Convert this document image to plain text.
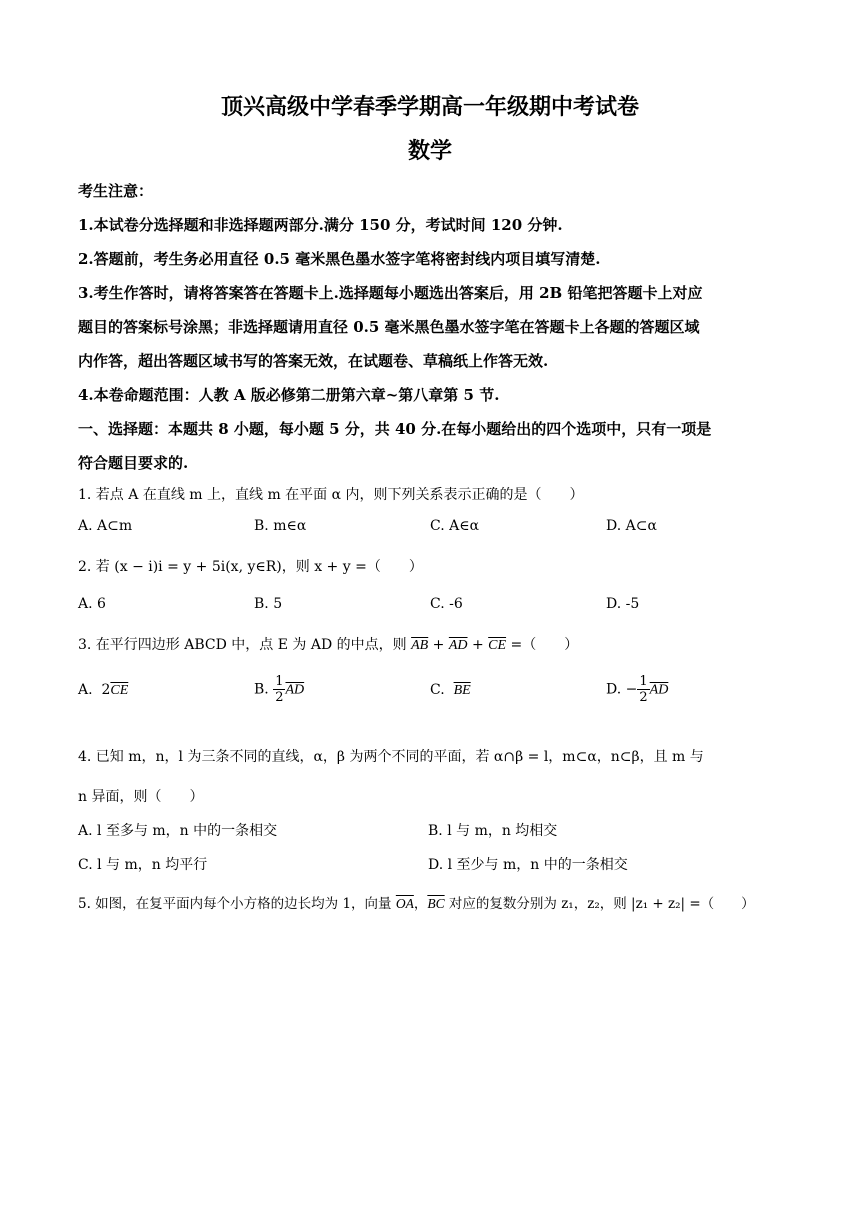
顶兴高级中学春季学期高一年级期中考试卷
数学
考生注意：
1.本试卷分选择题和非选择题两部分.满分 150 分，考试时间 120 分钟.
2.答题前，考生务必用直径 0.5 毫米黑色墨水签字笔将密封线内项目填写清楚.
3.考生作答时，请将答案答在答题卡上.选择题每小题选出答案后，用 2B 铅笔把答题卡上对应
题目的答案标号涂黑；非选择题请用直径 0.5 毫米黑色墨水签字笔在答题卡上各题的答题区域
内作答，超出答题区域书写的答案无效，在试题卷、草稿纸上作答无效.
4.本卷命题范围：人教 A 版必修第二册第六章~第八章第 5 节.
一、选择题：本题共 8 小题，每小题 5 分，共 40 分.在每小题给出的四个选项中，只有一项是
符合题目要求的.
1. 若点 A 在直线 m 上，直线 m 在平面 α 内，则下列关系表示正确的是（　　）
A. A⊂m	B. m∈α	C. A∈α	D. A⊂α
2. 若 (x − i)i = y + 5i(x, y∈R)，则 x + y =（　　）
A. 6	B. 5	C. -6	D. -5
3. 在平行四边形 ABCD 中，点 E 为 AD 的中点，则 $\overline{AB} + \overline{AD} + \overline{CE}$ =（　　）
A. $2\overline{CE}$	B. $\frac{1}{2} \overline{AD}$	C. $\overline{BE}$	D. − $\frac{1}{2} \overline{AD}$
4. 已知 m，n，l 为三条不同的直线，α，β 为两个不同的平面，若 α∩β = l，m⊂α，n⊂β，且 m 与
n 异面，则（　　）
A. l 至多与 m，n 中的一条相交	B. l 与 m，n 均相交
C. l 与 m，n 均平行	D. l 至少与 m，n 中的一条相交
5. 如图，在复平面内每个小方格的边长均为 1，向量 $\overline{OA}$，$\overline{BC}$ 对应的复数分别为 z₁，z₂，则 |z₁ + z₂| =（　　）
